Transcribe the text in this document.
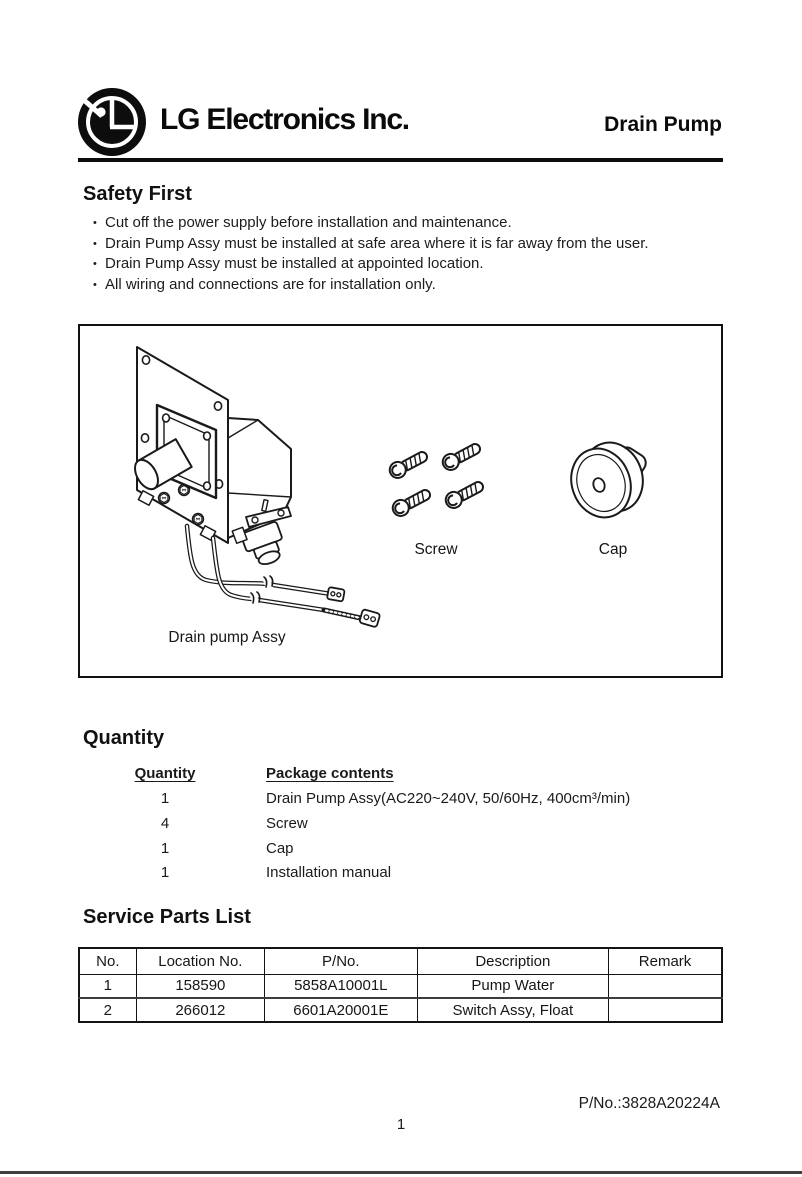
LG Electronics Inc.	Drain Pump
Safety First
• Cut off the power supply before installation and maintenance.
• Drain Pump Assy must be installed at safe area where it is far away from the user.
• Drain Pump Assy must be installed at appointed location.
• All wiring and connections are for installation only.
Screw	Cap
Drain pump Assy
Quantity
Quantity	Package contents
1	Drain Pump Assy(AC220~240V, 50/60Hz, 400cm³/min)
4	Screw
1	Cap
1	Installation manual
Service Parts List
No.	Location No.	P/No.	Description	Remark
1	158590	5858A10001L	Pump Water	
2	266012	6601A20001E	Switch Assy, Float	
P/No.:3828A20224A
1
